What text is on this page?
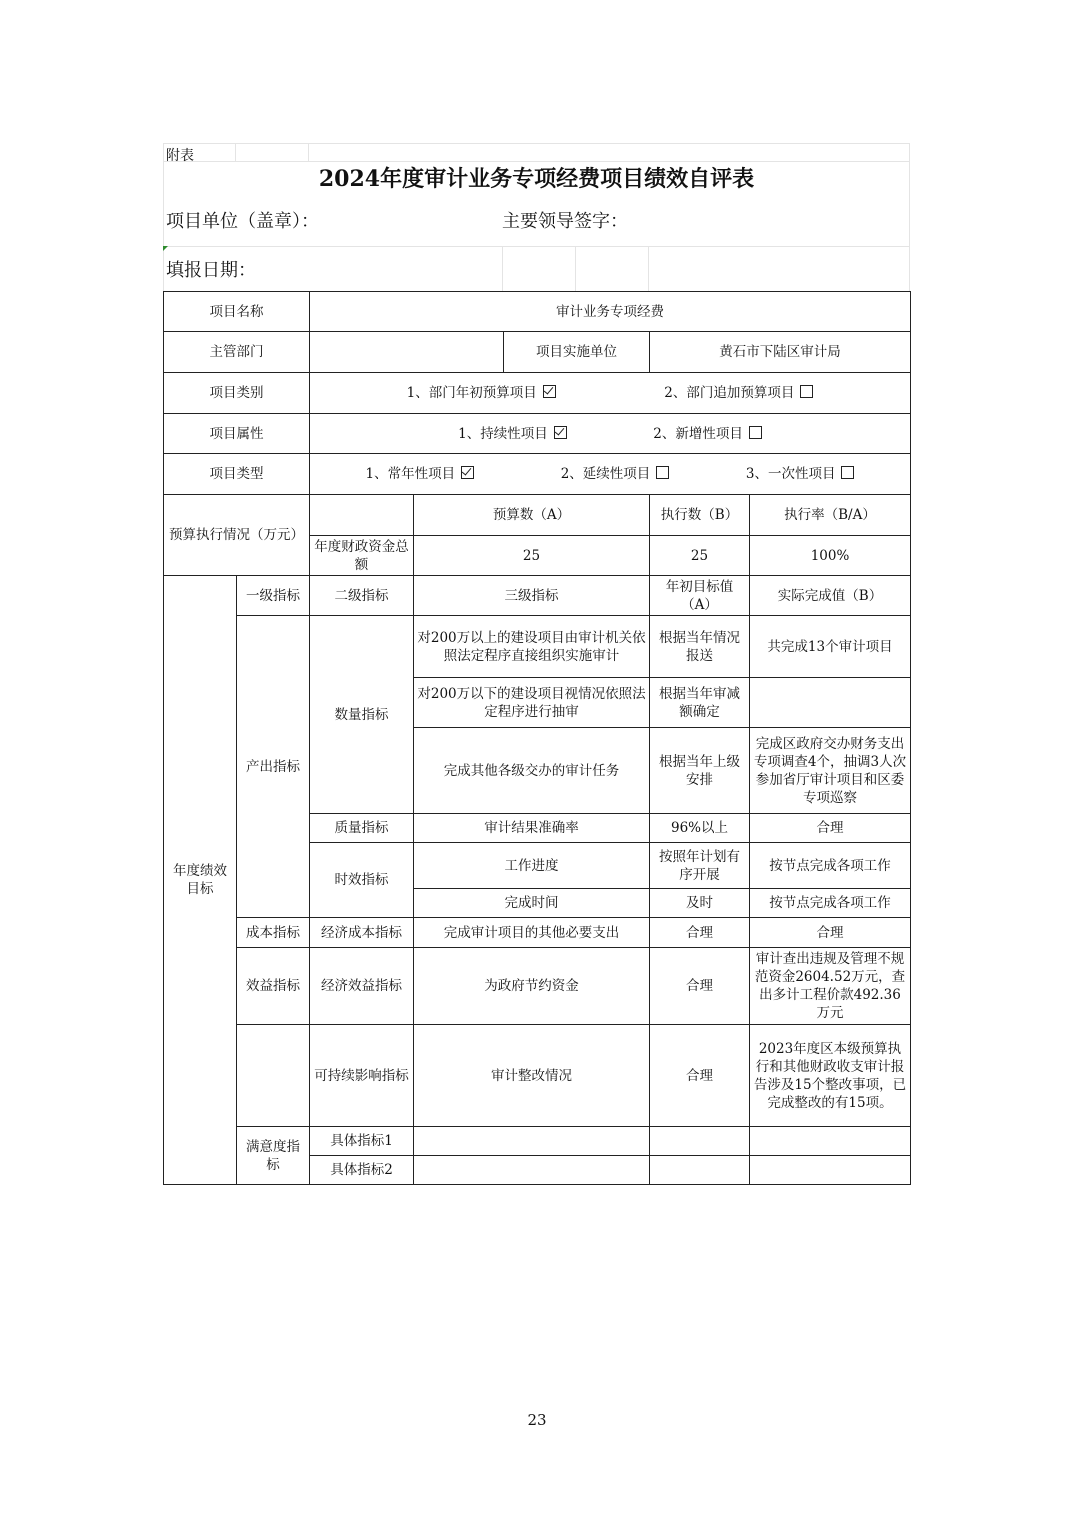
附表
2024年度审计业务专项经费项目绩效自评表
项目单位（盖章）：	主要领导签字：
填报日期：
项目名称		审计业务专项经费				
主管部门				项目实施单位	黄石市下陆区审计局	
项目类别		1、部门年初预算项目 2、部门追加预算项目				
项目属性		1、持续性项目 2、新增性项目				
项目类型		1、常年性项目 2、延续性项目 3、一次性项目				
预算执行情况（万元）			预算数（A）		执行数（B）	执行率（B/A）
		年度财政资金总额	25		25	100%
年度绩效目标	一级指标	二级指标	三级指标		年初目标值（A）	实际完成值（B）
	产出指标	数量指标	对200万以上的建设项目由审计机关依照法定程序直接组织实施审计		根据当年情况报送	共完成13个审计项目
			对200万以下的建设项目视情况依照法定程序进行抽审		根据当年审减额确定	
			完成其他各级交办的审计任务		根据当年上级安排	完成区政府交办财务支出专项调查4个，抽调3人次参加省厅审计项目和区委专项巡察
		质量指标	审计结果准确率		96%以上	合理
		时效指标	工作进度		按照年计划有序开展	按节点完成各项工作
			完成时间		及时	按节点完成各项工作
	成本指标	经济成本指标	完成审计项目的其他必要支出		合理	合理
	效益指标	经济效益指标	为政府节约资金		合理	审计查出违规及管理不规范资金2604.52万元，查出多计工程价款492.36万元
		可持续影响指标	审计整改情况		合理	2023年度区本级预算执行和其他财政收支审计报告涉及15个整改事项，已完成整改的有15项。
	满意度指标	具体指标1				
		具体指标2				
23
